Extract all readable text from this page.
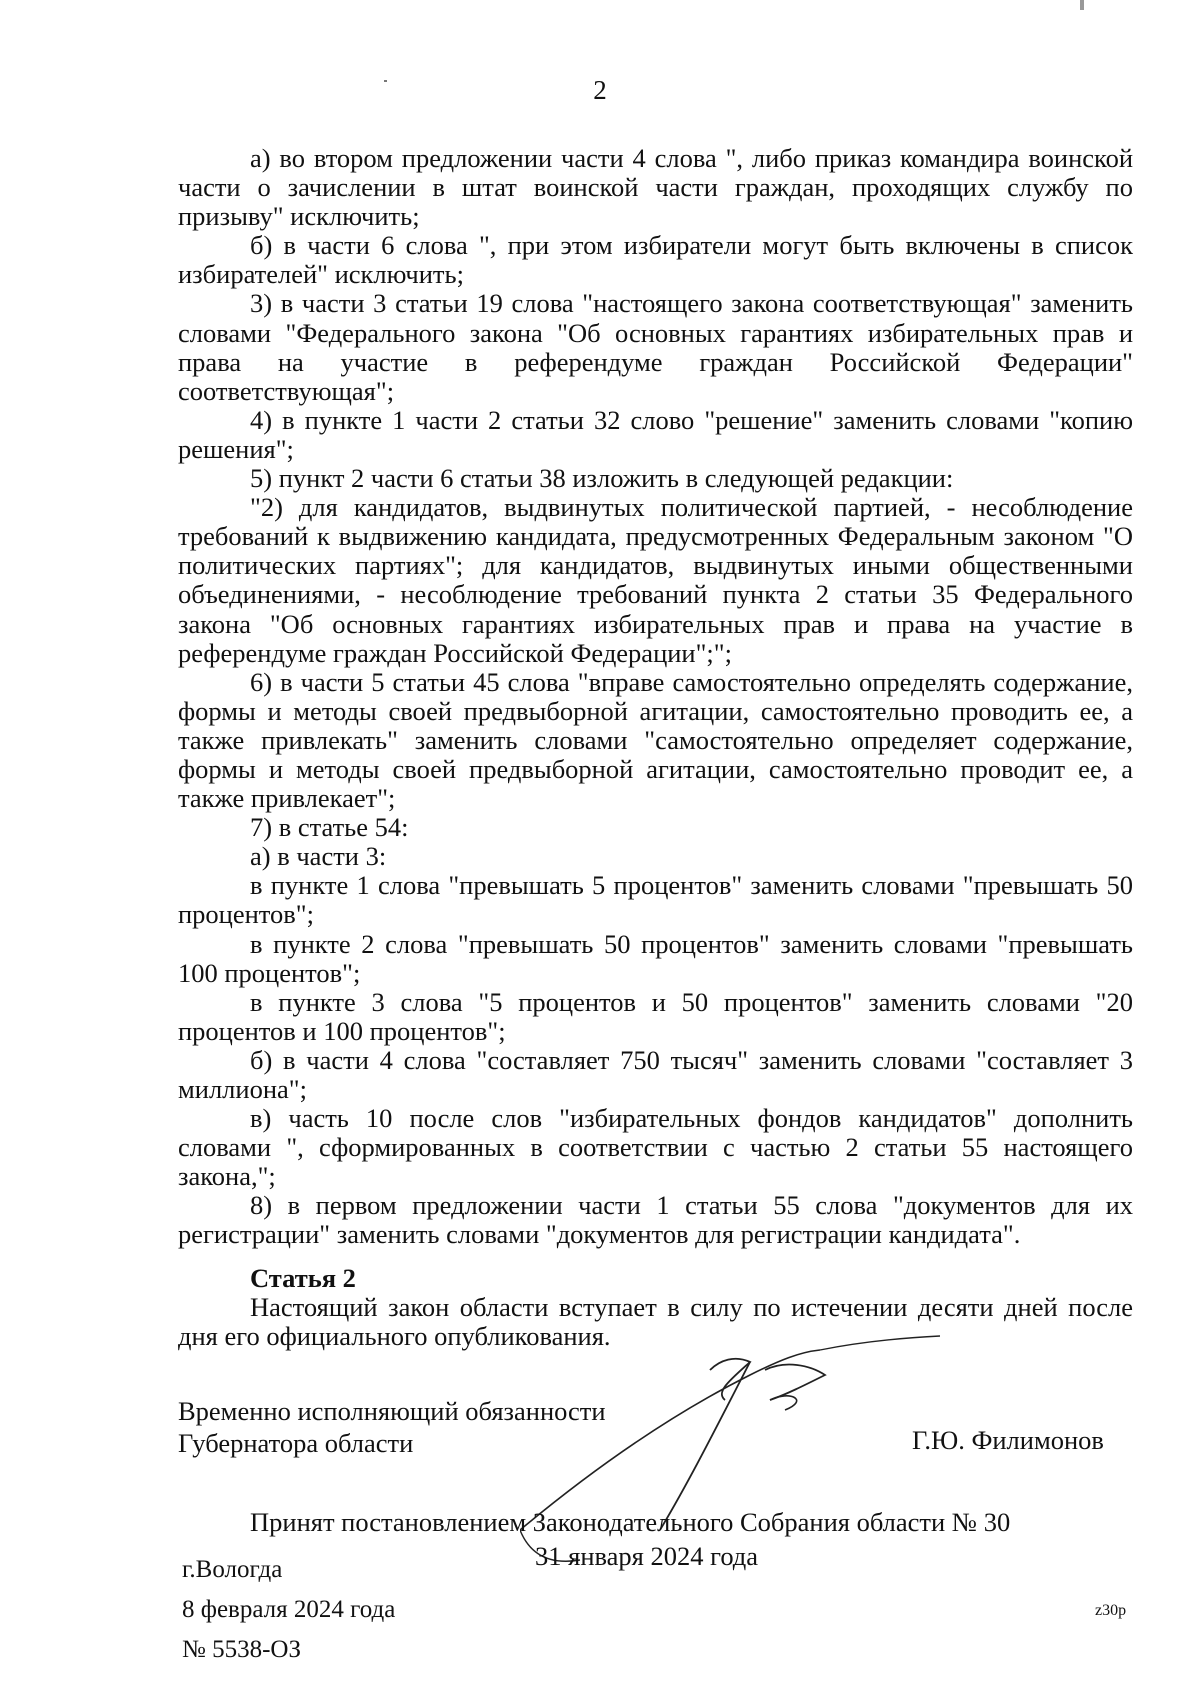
2

а) во втором предложении части 4 слова ", либо приказ командира воинской части о зачислении в штат воинской части граждан, проходящих службу по призыву" исключить;

б) в части 6 слова ", при этом избиратели могут быть включены в список избирателей" исключить;

3) в части 3 статьи 19 слова "настоящего закона соответствующая" заменить словами "Федерального закона "Об основных гарантиях избирательных прав и права на участие в референдуме граждан Российской Федерации" соответствующая";

4) в пункте 1 части 2 статьи 32 слово "решение" заменить словами "копию решения";

5) пункт 2 части 6 статьи 38 изложить в следующей редакции:

"2) для кандидатов, выдвинутых политической партией, - несоблюдение требований к выдвижению кандидата, предусмотренных Федеральным законом "О политических партиях"; для кандидатов, выдвинутых иными общественными объединениями, - несоблюдение требований пункта 2 статьи 35 Федерального закона "Об основных гарантиях избирательных прав и права на участие в референдуме граждан Российской Федерации";";

6) в части 5 статьи 45 слова "вправе самостоятельно определять содержание, формы и методы своей предвыборной агитации, самостоятельно проводить ее, а также привлекать" заменить словами "самостоятельно определяет содержание, формы и методы своей предвыборной агитации, самостоятельно проводит ее, а также привлекает";

7) в статье 54:

а) в части 3:

в пункте 1 слова "превышать 5 процентов" заменить словами "превышать 50 процентов";

в пункте 2 слова "превышать 50 процентов" заменить словами "превышать 100 процентов";

в пункте 3 слова "5 процентов и 50 процентов" заменить словами "20 процентов и 100 процентов";

б) в части 4 слова "составляет 750 тысяч" заменить словами "составляет 3 миллиона";

в) часть 10 после слов "избирательных фондов кандидатов" дополнить словами ", сформированных в соответствии с частью 2 статьи 55 настоящего закона,";

8) в первом предложении части 1 статьи 55 слова "документов для их регистрации" заменить словами "документов для регистрации кандидата".

Статья 2

Настоящий закон области вступает в силу по истечении десяти дней после дня его официального опубликования.

Временно исполняющий обязанности
Губернатора области	Г.Ю. Филимонов
Принят постановлением Законодательного Собрания области № 30
31 января 2024 года
г.Вологда
8 февраля 2024 года
№ 5538-ОЗ
z30p
